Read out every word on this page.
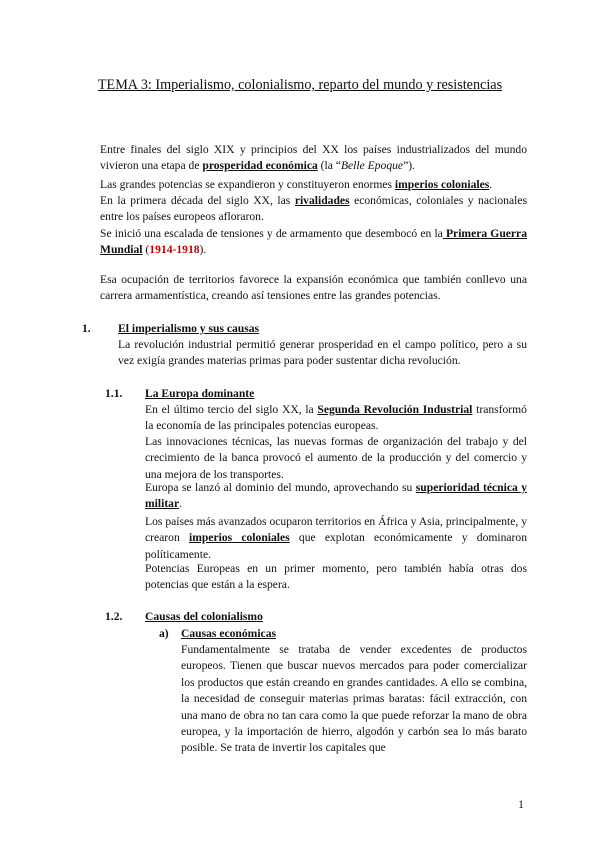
TEMA 3: Imperialismo, colonialismo, reparto del mundo y resistencias
Entre finales del siglo XIX y principios del XX los países industrializados del mundo vivieron una etapa de prosperidad económica (la “Belle Epoque”).
Las grandes potencias se expandieron y constituyeron enormes imperios coloniales.
En la primera década del siglo XX, las rivalidades económicas, coloniales y nacionales entre los países europeos afloraron.
Se inició una escalada de tensiones y de armamento que desembocó en la Primera Guerra Mundial (1914-1918).
Esa ocupación de territorios favorece la expansión económica que también conllevo una carrera armamentística, creando así tensiones entre las grandes potencias.
1. El imperialismo y sus causas
La revolución industrial permitió generar prosperidad en el campo político, pero a su vez exigía grandes materias primas para poder sustentar dicha revolución.
1.1. La Europa dominante
En el último tercio del siglo XX, la Segunda Revolución Industrial transformó la economía de las principales potencias europeas.
Las innovaciones técnicas, las nuevas formas de organización del trabajo y del crecimiento de la banca provocó el aumento de la producción y del comercio y una mejora de los transportes.
Europa se lanzó al dominio del mundo, aprovechando su superioridad técnica y militar.
Los países más avanzados ocuparon territorios en África y Asia, principalmente, y crearon imperios coloniales que explotan económicamente y dominaron políticamente.
Potencias Europeas en un primer momento, pero también había otras dos potencias que están a la espera.
1.2. Causas del colonialismo
a) Causas económicas
Fundamentalmente se trataba de vender excedentes de productos europeos. Tienen que buscar nuevos mercados para poder comercializar los productos que están creando en grandes cantidades. A ello se combina, la necesidad de conseguir materias primas baratas: fácil extracción, con una mano de obra no tan cara como la que puede reforzar la mano de obra europea, y la importación de hierro, algodón y carbón sea lo más barato posible. Se trata de invertir los capitales que
1
